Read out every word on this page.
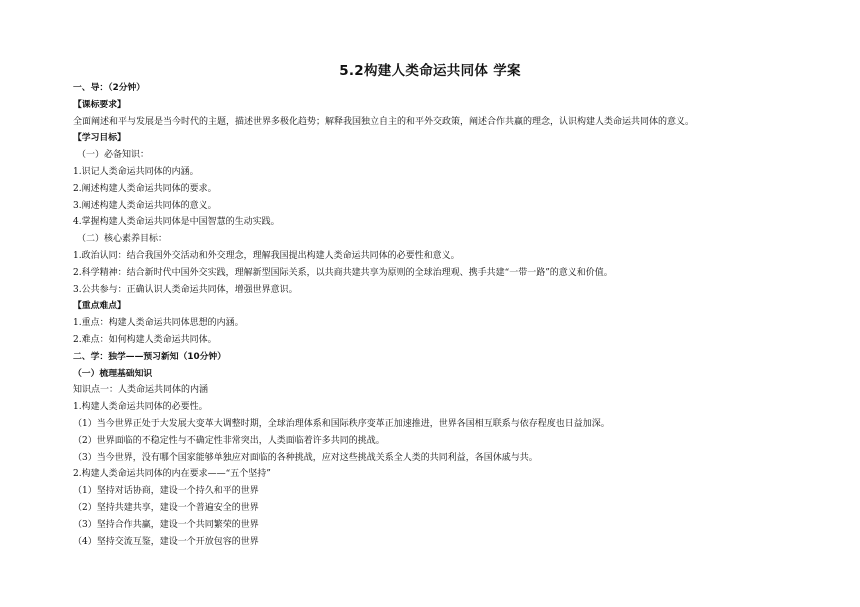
5.2构建人类命运共同体 学案
一、导：（2分钟）
【课标要求】
全面阐述和平与发展是当今时代的主题，描述世界多极化趋势；解释我国独立自主的和平外交政策，阐述合作共赢的理念，认识构建人类命运共同体的意义。
【学习目标】
（一）必备知识：
1.识记人类命运共同体的内涵。
2.阐述构建人类命运共同体的要求。
3.阐述构建人类命运共同体的意义。
4.掌握构建人类命运共同体是中国智慧的生动实践。
（二）核心素养目标：
1.政治认同：结合我国外交活动和外交理念，理解我国提出构建人类命运共同体的必要性和意义。
2.科学精神：结合新时代中国外交实践，理解新型国际关系，以共商共建共享为原则的全球治理观、携手共建“一带一路”的意义和价值。
3.公共参与：正确认识人类命运共同体，增强世界意识。
【重点难点】
1.重点：构建人类命运共同体思想的内涵。
2.难点：如何构建人类命运共同体。
二、学：独学——预习新知（10分钟）
（一）梳理基础知识
知识点一：人类命运共同体的内涵
1.构建人类命运共同体的必要性。
（1）当今世界正处于大发展大变革大调整时期，全球治理体系和国际秩序变革正加速推进，世界各国相互联系与依存程度也日益加深。
（2）世界面临的不稳定性与不确定性非常突出，人类面临着许多共同的挑战。
（3）当今世界，没有哪个国家能够单独应对面临的各种挑战，应对这些挑战关系全人类的共同利益，各国休戚与共。
2.构建人类命运共同体的内在要求——“五个坚持”
（1）坚持对话协商，建设一个持久和平的世界
（2）坚持共建共享，建设一个普遍安全的世界
（3）坚持合作共赢，建设一个共同繁荣的世界
（4）坚持交流互鉴，建设一个开放包容的世界
